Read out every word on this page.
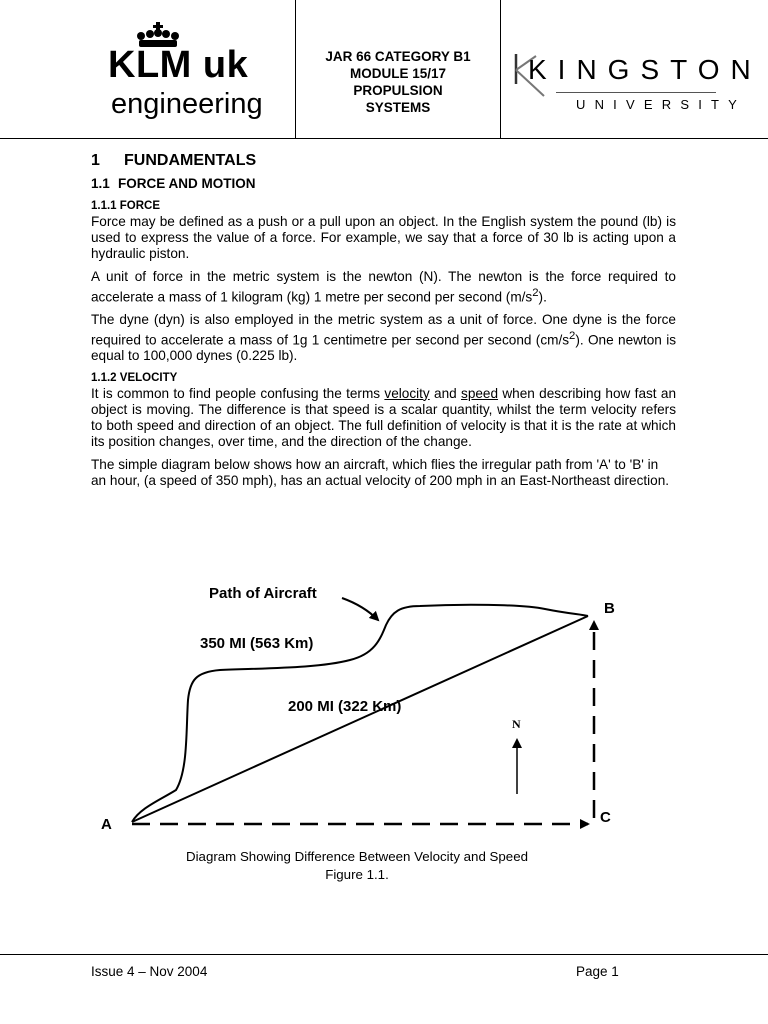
KLM uk
engineering
JAR 66 CATEGORY B1
MODULE 15/17
PROPULSION
SYSTEMS
KINGSTON
UNIVERSITY
1 FUNDAMENTALS
1.1 FORCE AND MOTION
1.1.1 FORCE

Force may be defined as a push or a pull upon an object. In the English system the pound (lb) is used to express the value of a force. For example, we say that a force of 30 lb is acting upon a hydraulic piston.

A unit of force in the metric system is the newton (N). The newton is the force required to accelerate a mass of 1 kilogram (kg) 1 metre per second per second $(m/s^2)$.

The dyne (dyn) is also employed in the metric system as a unit of force. One dyne is the force required to accelerate a mass of 1g 1 centimetre per second per second $(cm/s^2)$. One newton is equal to 100,000 dynes (0.225 lb).

1.1.2 VELOCITY

It is common to find people confusing the terms velocity and speed when describing how fast an object is moving. The difference is that speed is a scalar quantity, whilst the term velocity refers to both speed and direction of an object. The full definition of velocity is that it is the rate at which its position changes, over time, and the direction of the change.

The simple diagram below shows how an aircraft, which flies the irregular path from 'A' to 'B' in an hour, (a speed of 350 mph), has an actual velocity of 200 mph in an East-Northeast direction.

Path of Aircraft
350 MI (563 Km)
200 MI (322 Km)
N
A
B
C
Diagram Showing Difference Between Velocity and Speed
Figure 1.1.
Issue 4 – Nov 2004	Page 1
